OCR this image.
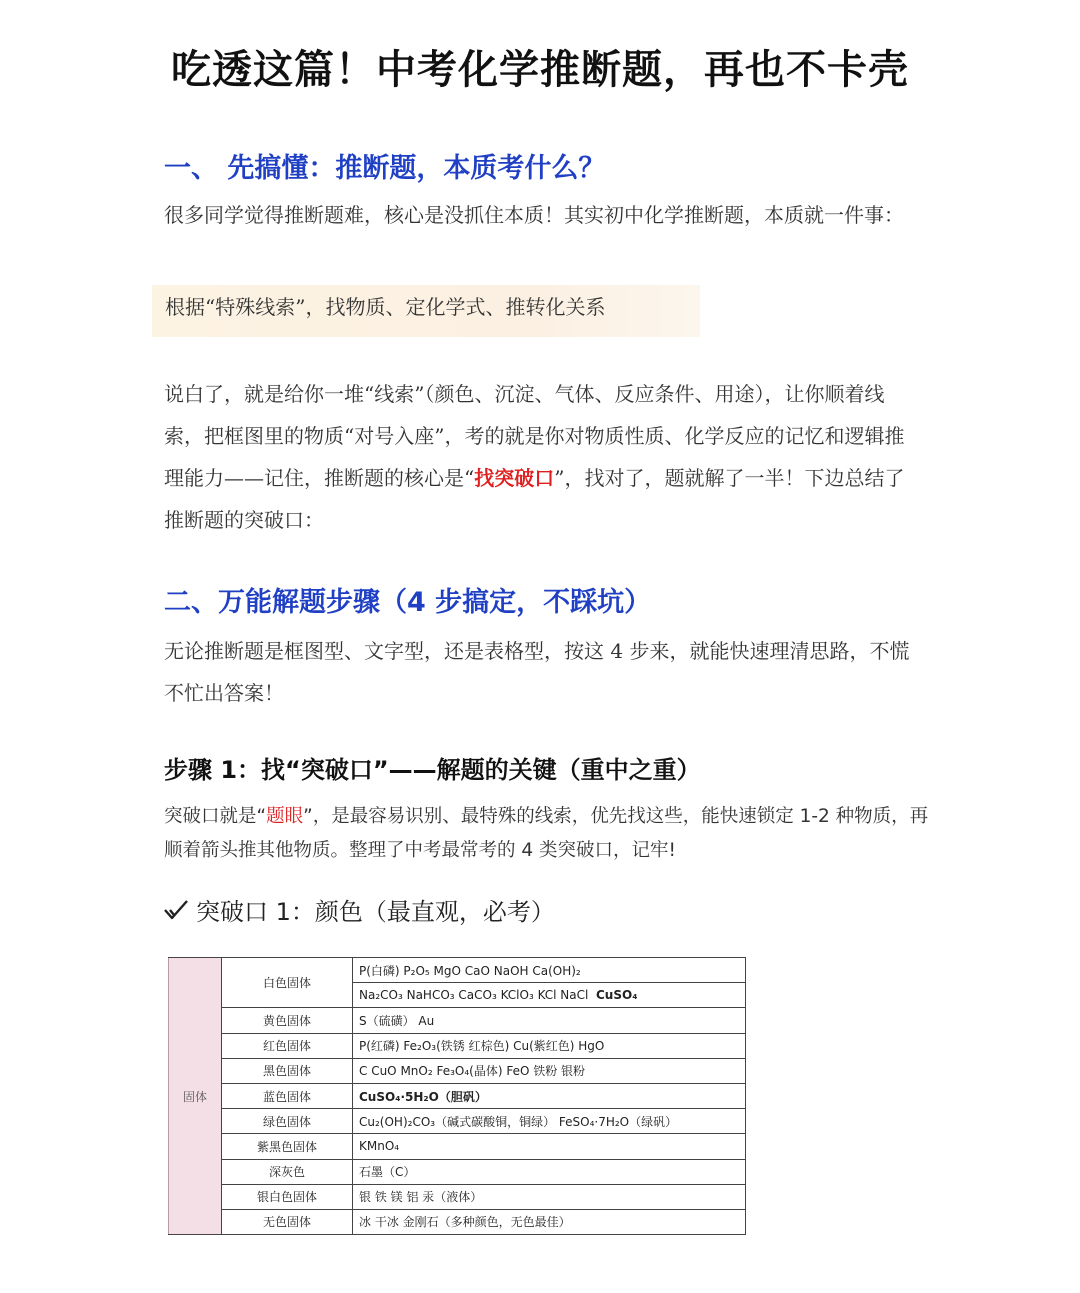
吃透这篇！中考化学推断题，再也不卡壳
一、 先搞懂：推断题，本质考什么？
很多同学觉得推断题难，核心是没抓住本质！其实初中化学推断题，本质就一件事：
根据“特殊线索”，找物质、定化学式、推转化关系
说白了，就是给你一堆“线索”（颜色、沉淀、气体、反应条件、用途），让你顺着线索，把框图里的物质“对号入座”，考的就是你对物质性质、化学反应的记忆和逻辑推理能力——记住，推断题的核心是“找突破口”，找对了，题就解了一半！下边总结了推断题的突破口：
二、万能解题步骤（4 步搞定，不踩坑）
无论推断题是框图型、文字型，还是表格型，按这 4 步来，就能快速理清思路，不慌不忙出答案！
步骤 1：找“突破口”——解题的关键（重中之重）
突破口就是“题眼”，是最容易识别、最特殊的线索，优先找这些，能快速锁定 1-2 种物质，再顺着箭头推其他物质。整理了中考最常考的 4 类突破口，记牢!
突破口 1：颜色（最直观，必考）
固体	白色固体	P(白磷) P₂O₅ MgO CaO NaOH Ca(OH)₂
		Na₂CO₃ NaHCO₃ CaCO₃ KClO₃ KCl NaCl CuSO₄
	黄色固体	S（硫磺） Au
	红色固体	P(红磷) Fe₂O₃(铁锈 红棕色) Cu(紫红色) HgO
	黑色固体	C CuO MnO₂ Fe₃O₄(晶体) FeO 铁粉 银粉
	蓝色固体	CuSO₄·5H₂O（胆矾）
	绿色固体	Cu₂(OH)₂CO₃（碱式碳酸铜，铜绿） FeSO₄·7H₂O（绿矾）
	紫黑色固体	KMnO₄
	深灰色	石墨（C）
	银白色固体	银 铁 镁 铝 汞（液体）
	无色固体	冰 干冰 金刚石（多种颜色，无色最佳）
